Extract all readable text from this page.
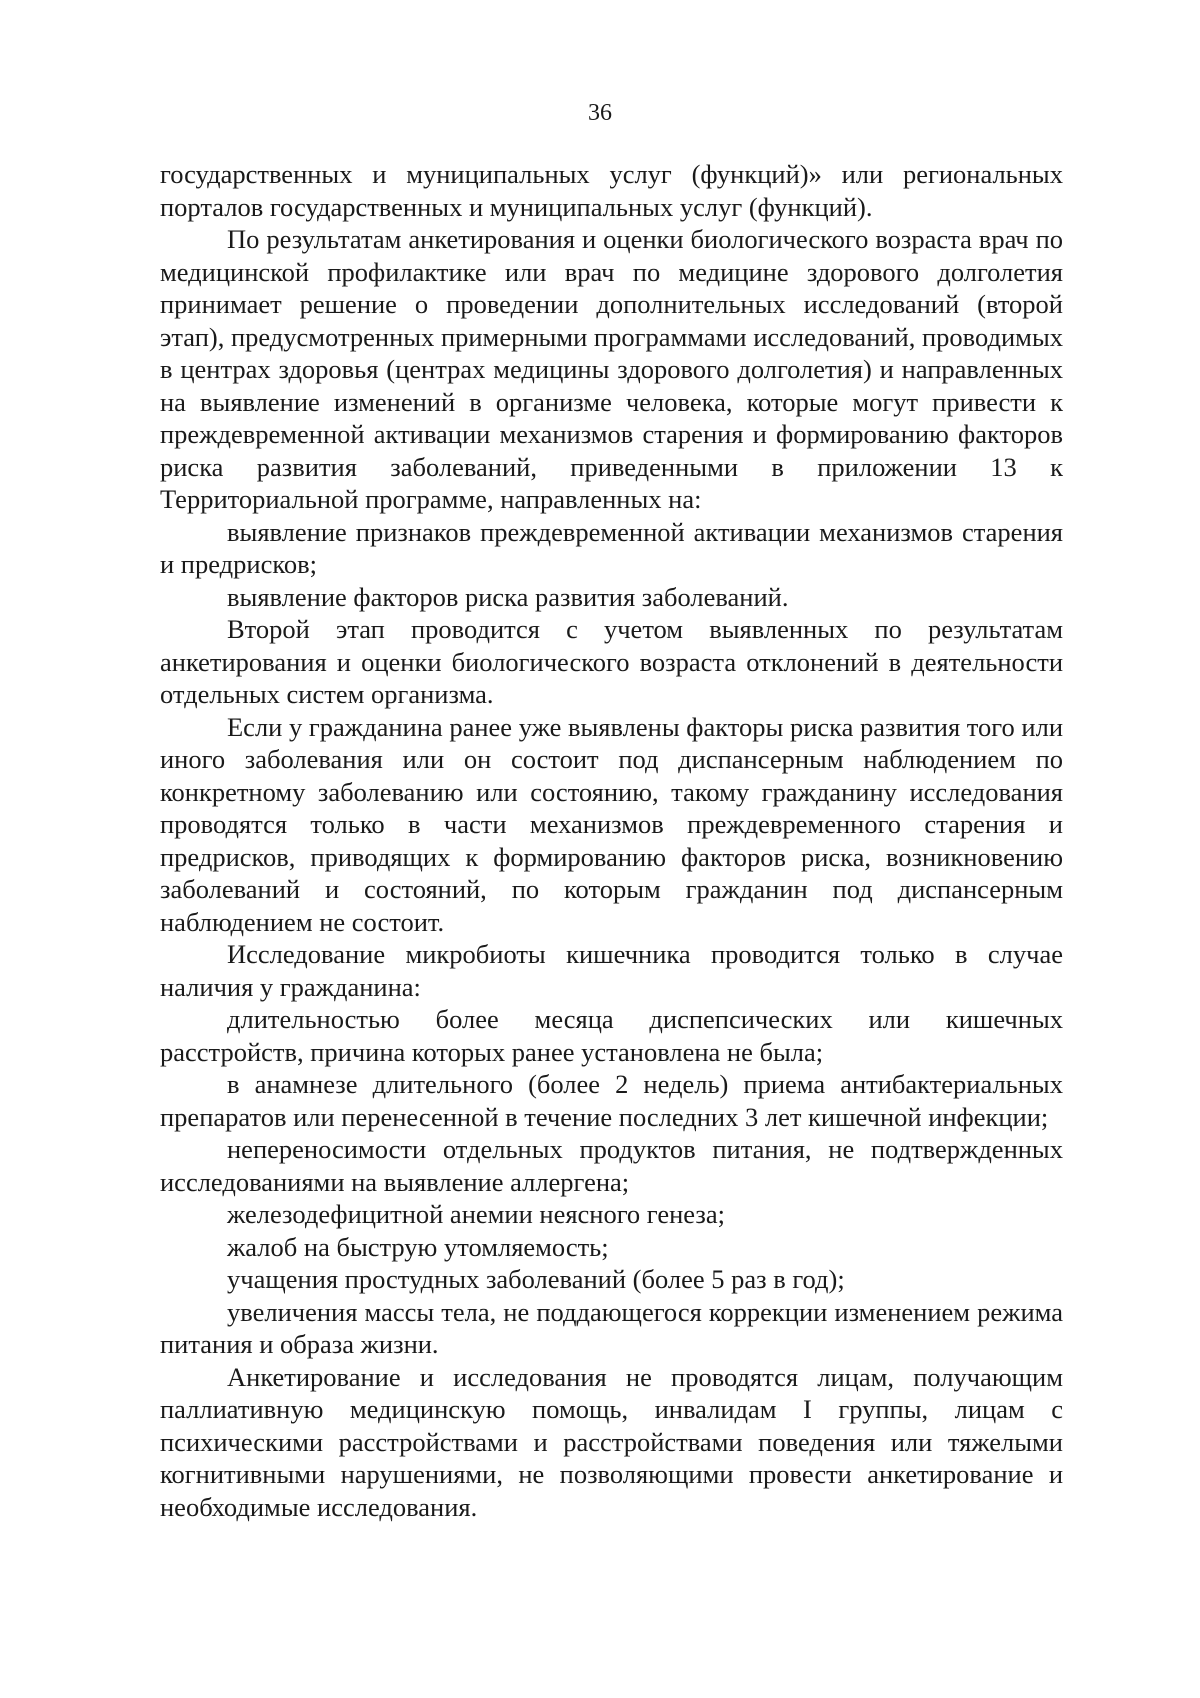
36

государственных и муниципальных услуг (функций)» или региональных порталов государственных и муниципальных услуг (функций).

По результатам анкетирования и оценки биологического возраста врач по медицинской профилактике или врач по медицине здорового долголетия принимает решение о проведении дополнительных исследований (второй этап), предусмотренных примерными программами исследований, проводимых в центрах здоровья (центрах медицины здорового долголетия) и направленных на выявление изменений в организме человека, которые могут привести к преждевременной активации механизмов старения и формированию факторов риска развития заболеваний, приведенными в приложении 13 к Территориальной программе, направленных на:

выявление признаков преждевременной активации механизмов старения и предрисков;

выявление факторов риска развития заболеваний.

Второй этап проводится с учетом выявленных по результатам анкетирования и оценки биологического возраста отклонений в деятельности отдельных систем организма.

Если у гражданина ранее уже выявлены факторы риска развития того или иного заболевания или он состоит под диспансерным наблюдением по конкретному заболеванию или состоянию, такому гражданину исследования проводятся только в части механизмов преждевременного старения и предрисков, приводящих к формированию факторов риска, возникновению заболеваний и состояний, по которым гражданин под диспансерным наблюдением не состоит.

Исследование микробиоты кишечника проводится только в случае наличия у гражданина:

длительностью более месяца диспепсических или кишечных расстройств, причина которых ранее установлена не была;

в анамнезе длительного (более 2 недель) приема антибактериальных препаратов или перенесенной в течение последних 3 лет кишечной инфекции;

непереносимости отдельных продуктов питания, не подтвержденных исследованиями на выявление аллергена;

железодефицитной анемии неясного генеза;

жалоб на быструю утомляемость;

учащения простудных заболеваний (более 5 раз в год);

увеличения массы тела, не поддающегося коррекции изменением режима питания и образа жизни.

Анкетирование и исследования не проводятся лицам, получающим паллиативную медицинскую помощь, инвалидам I группы, лицам с психическими расстройствами и расстройствами поведения или тяжелыми когнитивными нарушениями, не позволяющими провести анкетирование и необходимые исследования.
